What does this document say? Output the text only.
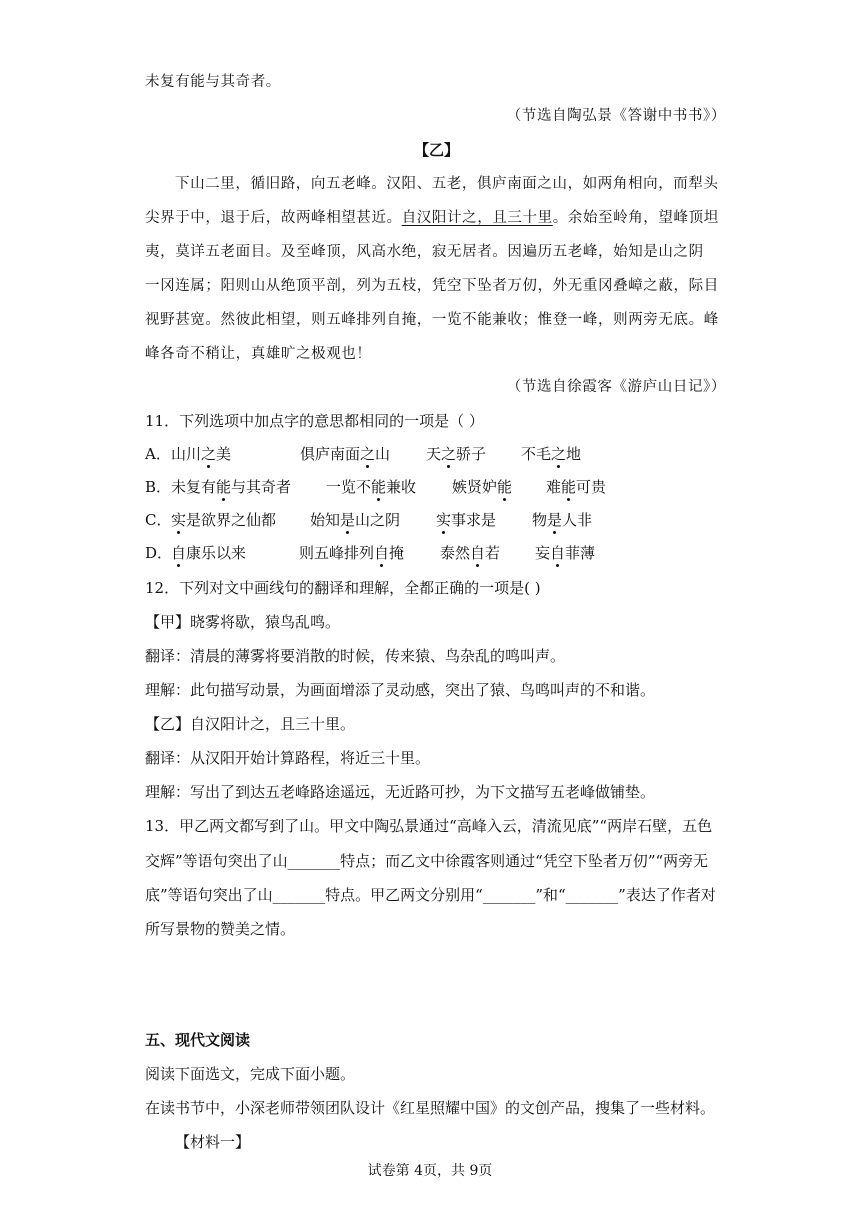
未复有能与其奇者。
（节选自陶弘景《答谢中书书》）
【乙】
下山二里，循旧路，向五老峰。汉阳、五老，俱庐南面之山，如两角相向，而犁头
尖界于中，退于后，故两峰相望甚近。自汉阳计之，且三十里。余始至岭角，望峰顶坦
夷，莫详五老面目。及至峰顶，风高水绝，寂无居者。因遍历五老峰，始知是山之阴
一冈连属；阳则山从绝顶平剖，列为五枝，凭空下坠者万仞，外无重冈叠嶂之蔽，际目
视野甚宽。然彼此相望，则五峰排列自掩，一览不能兼收；惟登一峰，则两旁无底。峰
峰各奇不稍让，真雄旷之极观也！
（节选自徐霞客《游庐山日记》）
11．下列选项中加点字的意思都相同的一项是（ ）
A． 山川之美	俱庐南面之山 天之骄子 不毛之地
B． 未复有能与其奇者 一览不能兼收 嫉贤妒能 难能可贵
C． 实是欲界之仙都 始知是山之阴 实事求是 物是人非
D．
自康乐以来	则五峰排列自掩 泰然自若 妄自菲薄
12．下列对文中画线句的翻译和理解，全都正确的一项是( )
【甲】晓雾将歇，猿鸟乱鸣。
翻译：清晨的薄雾将要消散的时候，传来猿、鸟杂乱的鸣叫声。
理解：此句描写动景，为画面增添了灵动感，突出了猿、鸟鸣叫声的不和谐。
【乙】自汉阳计之，且三十里。
翻译：从汉阳开始计算路程，将近三十里。
理解：写出了到达五老峰路途遥远，无近路可抄，为下文描写五老峰做铺垫。
13．甲乙两文都写到了山。甲文中陶弘景通过“高峰入云，清流见底”“两岸石壁，五色
交辉”等语句突出了山_______特点；而乙文中徐霞客则通过“凭空下坠者万仞”“两旁无
底”等语句突出了山_______特点。甲乙两文分别用“_______”和“_______”表达了作者对
所写景物的赞美之情。
五、现代文阅读
阅读下面选文，完成下面小题。
在读书节中，小深老师带领团队设计《红星照耀中国》的文创产品，搜集了一些材料。
【材料一】
试卷第 4页，共 9页
